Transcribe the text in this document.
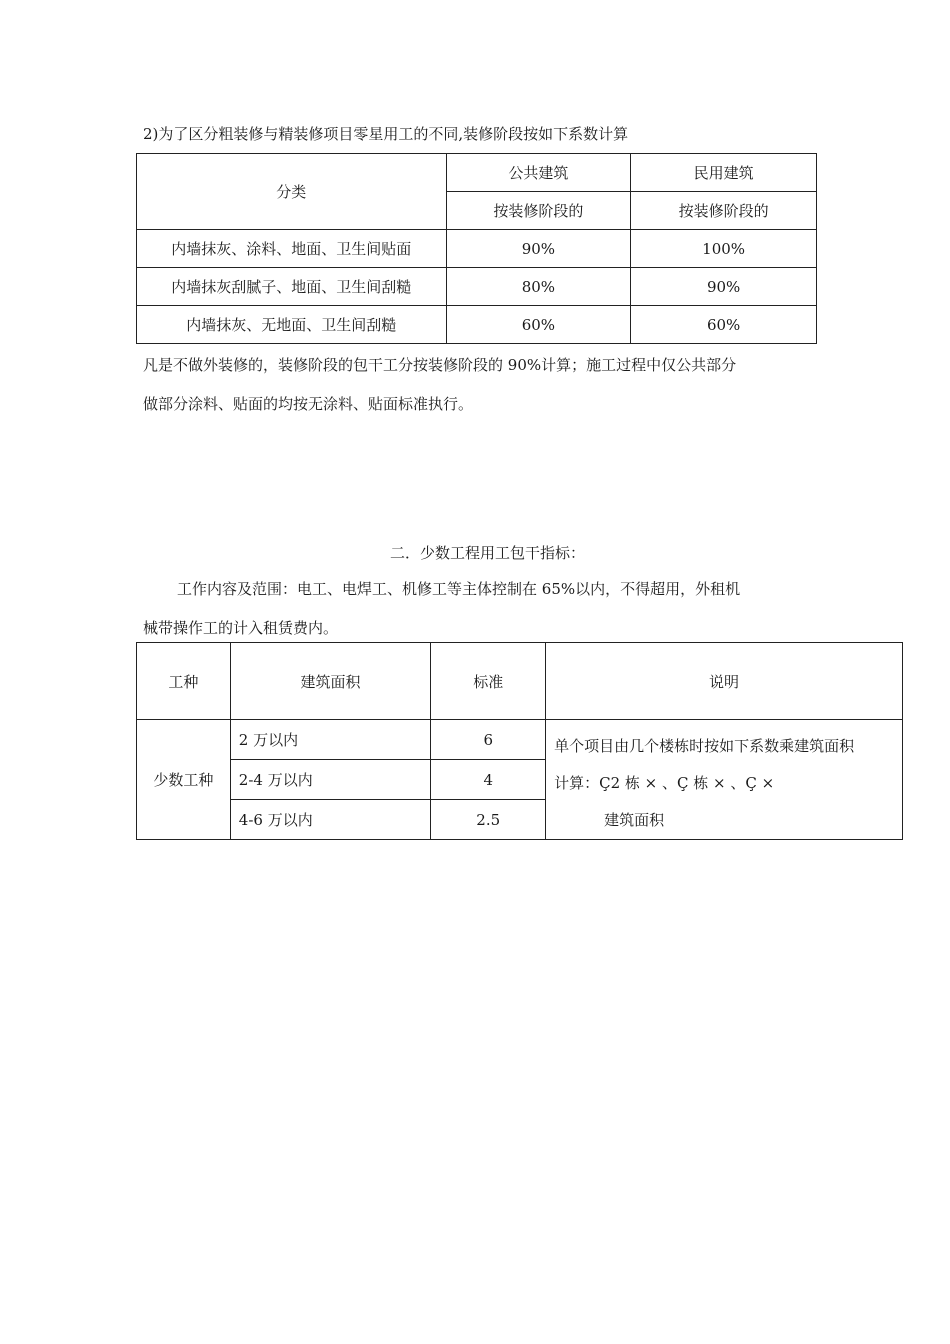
2)为了区分粗装修与精装修项目零星用工的不同,装修阶段按如下系数计算
分类	公共建筑	民用建筑
	按装修阶段的	按装修阶段的
内墙抹灰、涂料、地面、卫生间贴面	90%	100%
内墙抹灰刮腻子、地面、卫生间刮糙	80%	90%
内墙抹灰、无地面、卫生间刮糙	60%	60%
凡是不做外装修的，装修阶段的包干工分按装修阶段的 90%计算；施工过程中仅公共部分
做部分涂料、贴面的均按无涂料、贴面标准执行。
二．少数工程用工包干指标：
工作内容及范围：电工、电焊工、机修工等主体控制在 65%以内，不得超用，外租机
械带操作工的计入租赁费内。
工种	建筑面积	标准	说明
少数工种	2 万以内	6	单个项目由几个楼栋时按如下系数乘建筑面积
计算：Ç2 栋 × 、Ç 栋 × 、Ç ×
建筑面积

	2-4 万以内	4	
	4-6 万以内	2.5	
